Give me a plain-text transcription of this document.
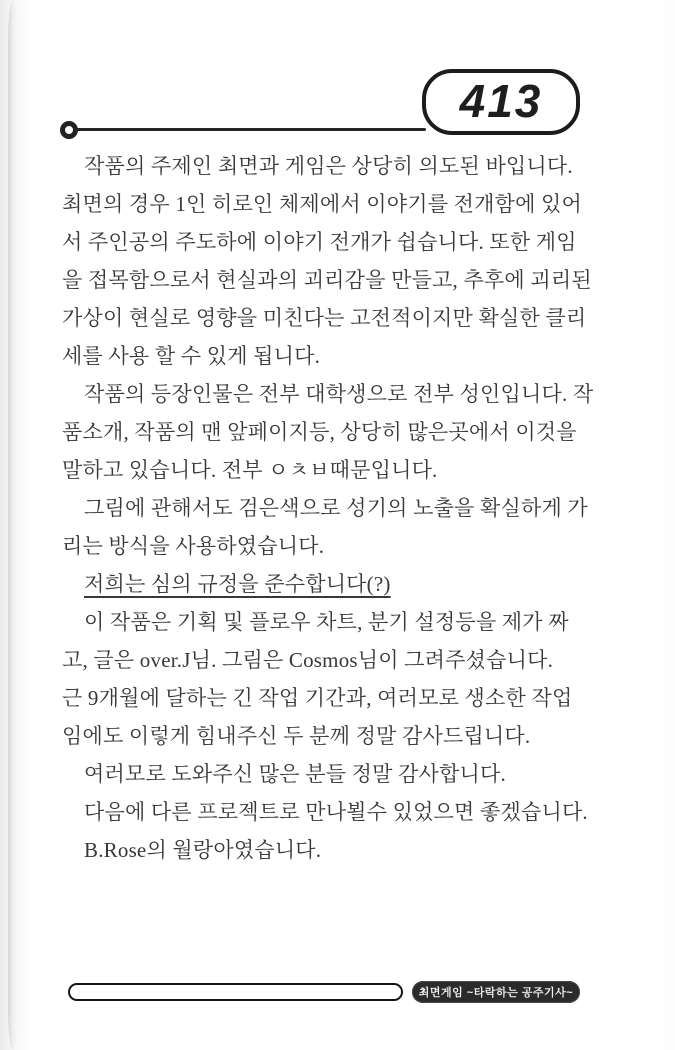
413
작품의 주제인 최면과 게임은 상당히 의도된 바입니다.
최면의 경우 1인 히로인 체제에서 이야기를 전개함에 있어
서 주인공의 주도하에 이야기 전개가 쉽습니다. 또한 게임
을 접목함으로서 현실과의 괴리감을 만들고, 추후에 괴리된
가상이 현실로 영향을 미친다는 고전적이지만 확실한 클리
세를 사용 할 수 있게 됩니다.
작품의 등장인물은 전부 대학생으로 전부 성인입니다. 작
품소개, 작품의 맨 앞페이지등, 상당히 많은곳에서 이것을
말하고 있습니다. 전부 ㅇㅊㅂ때문입니다.
그림에 관해서도 검은색으로 성기의 노출을 확실하게 가
리는 방식을 사용하였습니다.
저희는 심의 규정을 준수합니다(?)
이 작품은 기획 및 플로우 차트, 분기 설정등을 제가 짜
고, 글은 over.J님. 그림은 Cosmos님이 그려주셨습니다.
근 9개월에 달하는 긴 작업 기간과, 여러모로 생소한 작업
임에도 이렇게 힘내주신 두 분께 정말 감사드립니다.
여러모로 도와주신 많은 분들 정말 감사합니다.
다음에 다른 프로젝트로 만나뵐수 있었으면 좋겠습니다.
B.Rose의 월랑아였습니다.
최면게임 ~타락하는 공주기사~
